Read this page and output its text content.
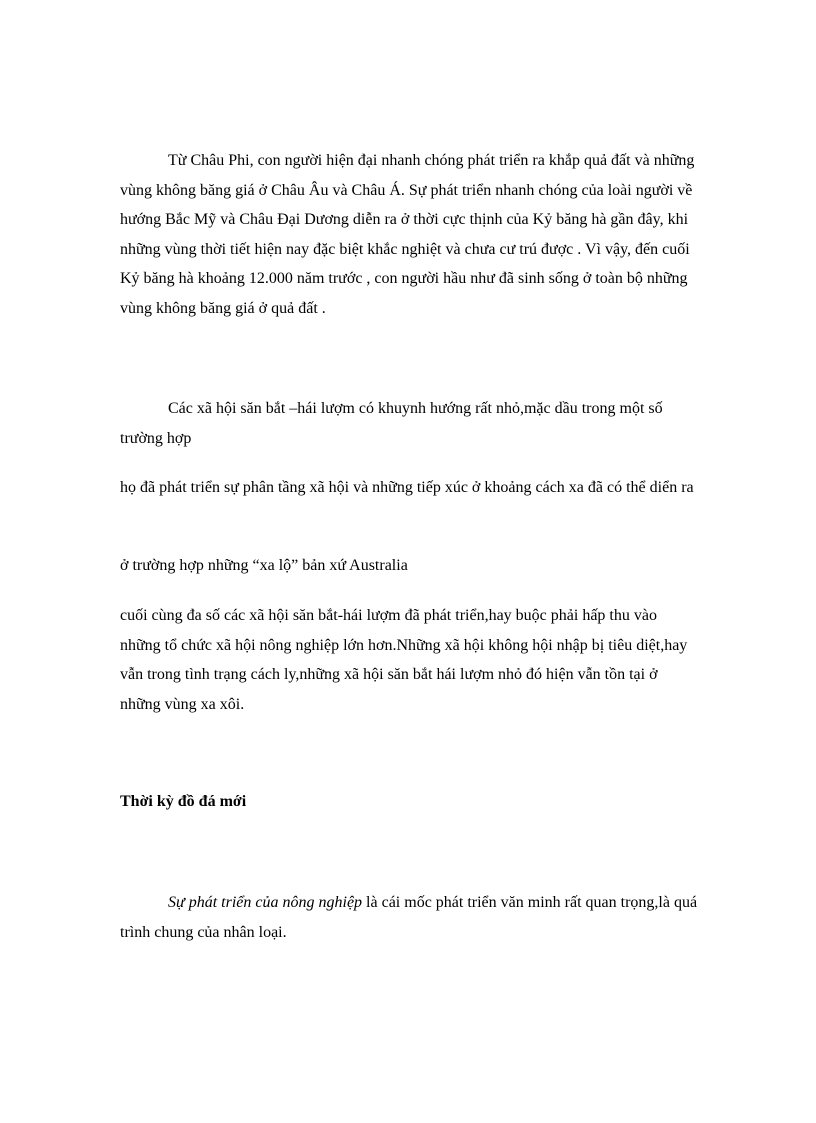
Từ Châu Phi, con người hiện đại nhanh chóng phát triển ra khắp quả đất và những vùng không băng giá ở Châu Âu và Châu Á. Sự phát triển nhanh chóng của loài người về hướng Bắc Mỹ và Châu Đại Dương diễn ra ở thời cực thịnh của Kỷ băng hà gần đây, khi những vùng thời tiết hiện nay đặc biệt khắc nghiệt và chưa cư trú được . Vì vậy, đến cuối Kỷ băng hà khoảng 12.000 năm trước , con người hầu như đã sinh sống ở toàn bộ những vùng không băng giá ở quả đất .

Các xã hội săn bắt –hái lượm có khuynh hướng rất nhỏ,mặc dầu trong một số trường hợp

họ đã phát triển sự phân tầng xã hội và những tiếp xúc ở khoảng cách xa đã có thể diển ra

ở trường hợp những “xa lộ” bản xứ Australia

cuối cùng đa số các xã hội săn bắt-hái lượm đã phát triển,hay buộc phải hấp thu vào những tổ chức xã hội nông nghiệp lớn hơn.Những xã hội không hội nhập bị tiêu diệt,hay vẫn trong tình trạng cách ly,những xã hội săn bắt hái lượm nhỏ đó hiện vẫn tồn tại ở những vùng xa xôi.

Thời kỳ đồ đá mới

Sự phát triển của nông nghiệp là cái mốc phát triển văn minh rất quan trọng,là quá trình chung của nhân loại.
